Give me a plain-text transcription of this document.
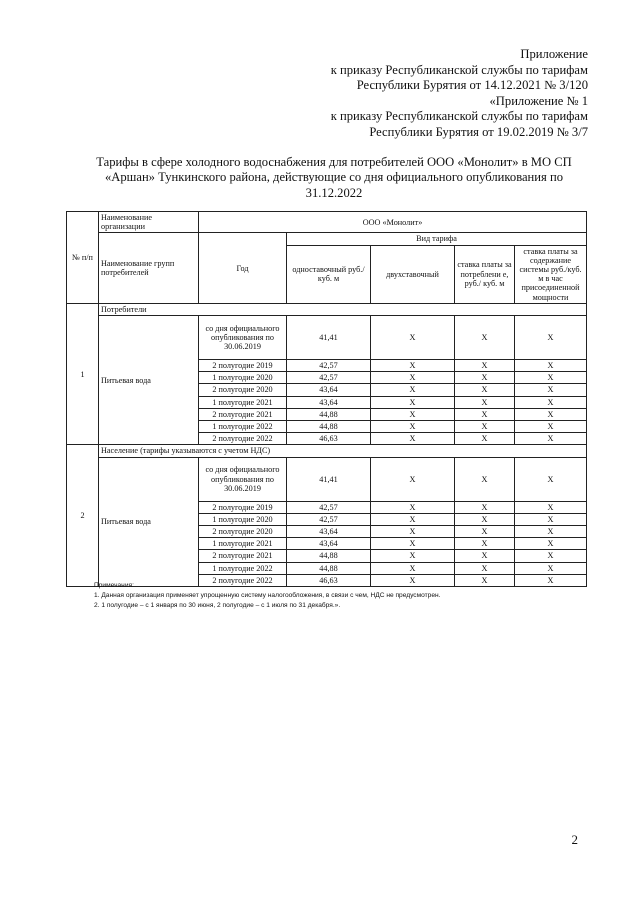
Приложение
к приказу Республиканской службы по тарифам
Республики Бурятия от 14.12.2021 № 3/120
«Приложение № 1
к приказу Республиканской службы по тарифам
Республики Бурятия от 19.02.2019 № 3/7
Тарифы в сфере холодного водоснабжения для потребителей ООО «Монолит» в МО СП
«Аршан» Тункинского района, действующие со дня официального опубликования по
31.12.2022
№ п/п	Наименование организации	ООО «Монолит»				
	Наименование групп потребителей	Год	Вид тарифа			
			одноставочный руб./ куб. м	двухставочный	ставка платы за потреблени е, руб./ куб. м	ставка платы за содержание системы руб./куб. м в час присоединенной мощности
1	Потребители					
	Питьевая вода	со дня официального опубликования по 30.06.2019	41,41	Х	Х	Х
		2 полугодие 2019	42,57	Х	Х	Х
		1 полугодие 2020	42,57	Х	Х	Х
		2 полугодие 2020	43,64	Х	Х	Х
		1 полугодие 2021	43,64	Х	Х	Х
		2 полугодие 2021	44,88	Х	Х	Х
		1 полугодие 2022	44,88	Х	Х	Х
		2 полугодие 2022	46,63	Х	Х	Х
2	Население (тарифы указываются с учетом НДС)					
	Питьевая вода	со дня официального опубликования по 30.06.2019	41,41	Х	Х	Х
		2 полугодие 2019	42,57	Х	Х	Х
		1 полугодие 2020	42,57	Х	Х	Х
		2 полугодие 2020	43,64	Х	Х	Х
		1 полугодие 2021	43,64	Х	Х	Х
		2 полугодие 2021	44,88	Х	Х	Х
		1 полугодие 2022	44,88	Х	Х	Х
		2 полугодие 2022	46,63	Х	Х	Х
Примечания:
1. Данная организация применяет упрощенную систему налогообложения, в связи с чем, НДС не предусмотрен.
2. 1 полугодие – с 1 января по 30 июня, 2 полугодие – с 1 июля по 31 декабря.».
2
